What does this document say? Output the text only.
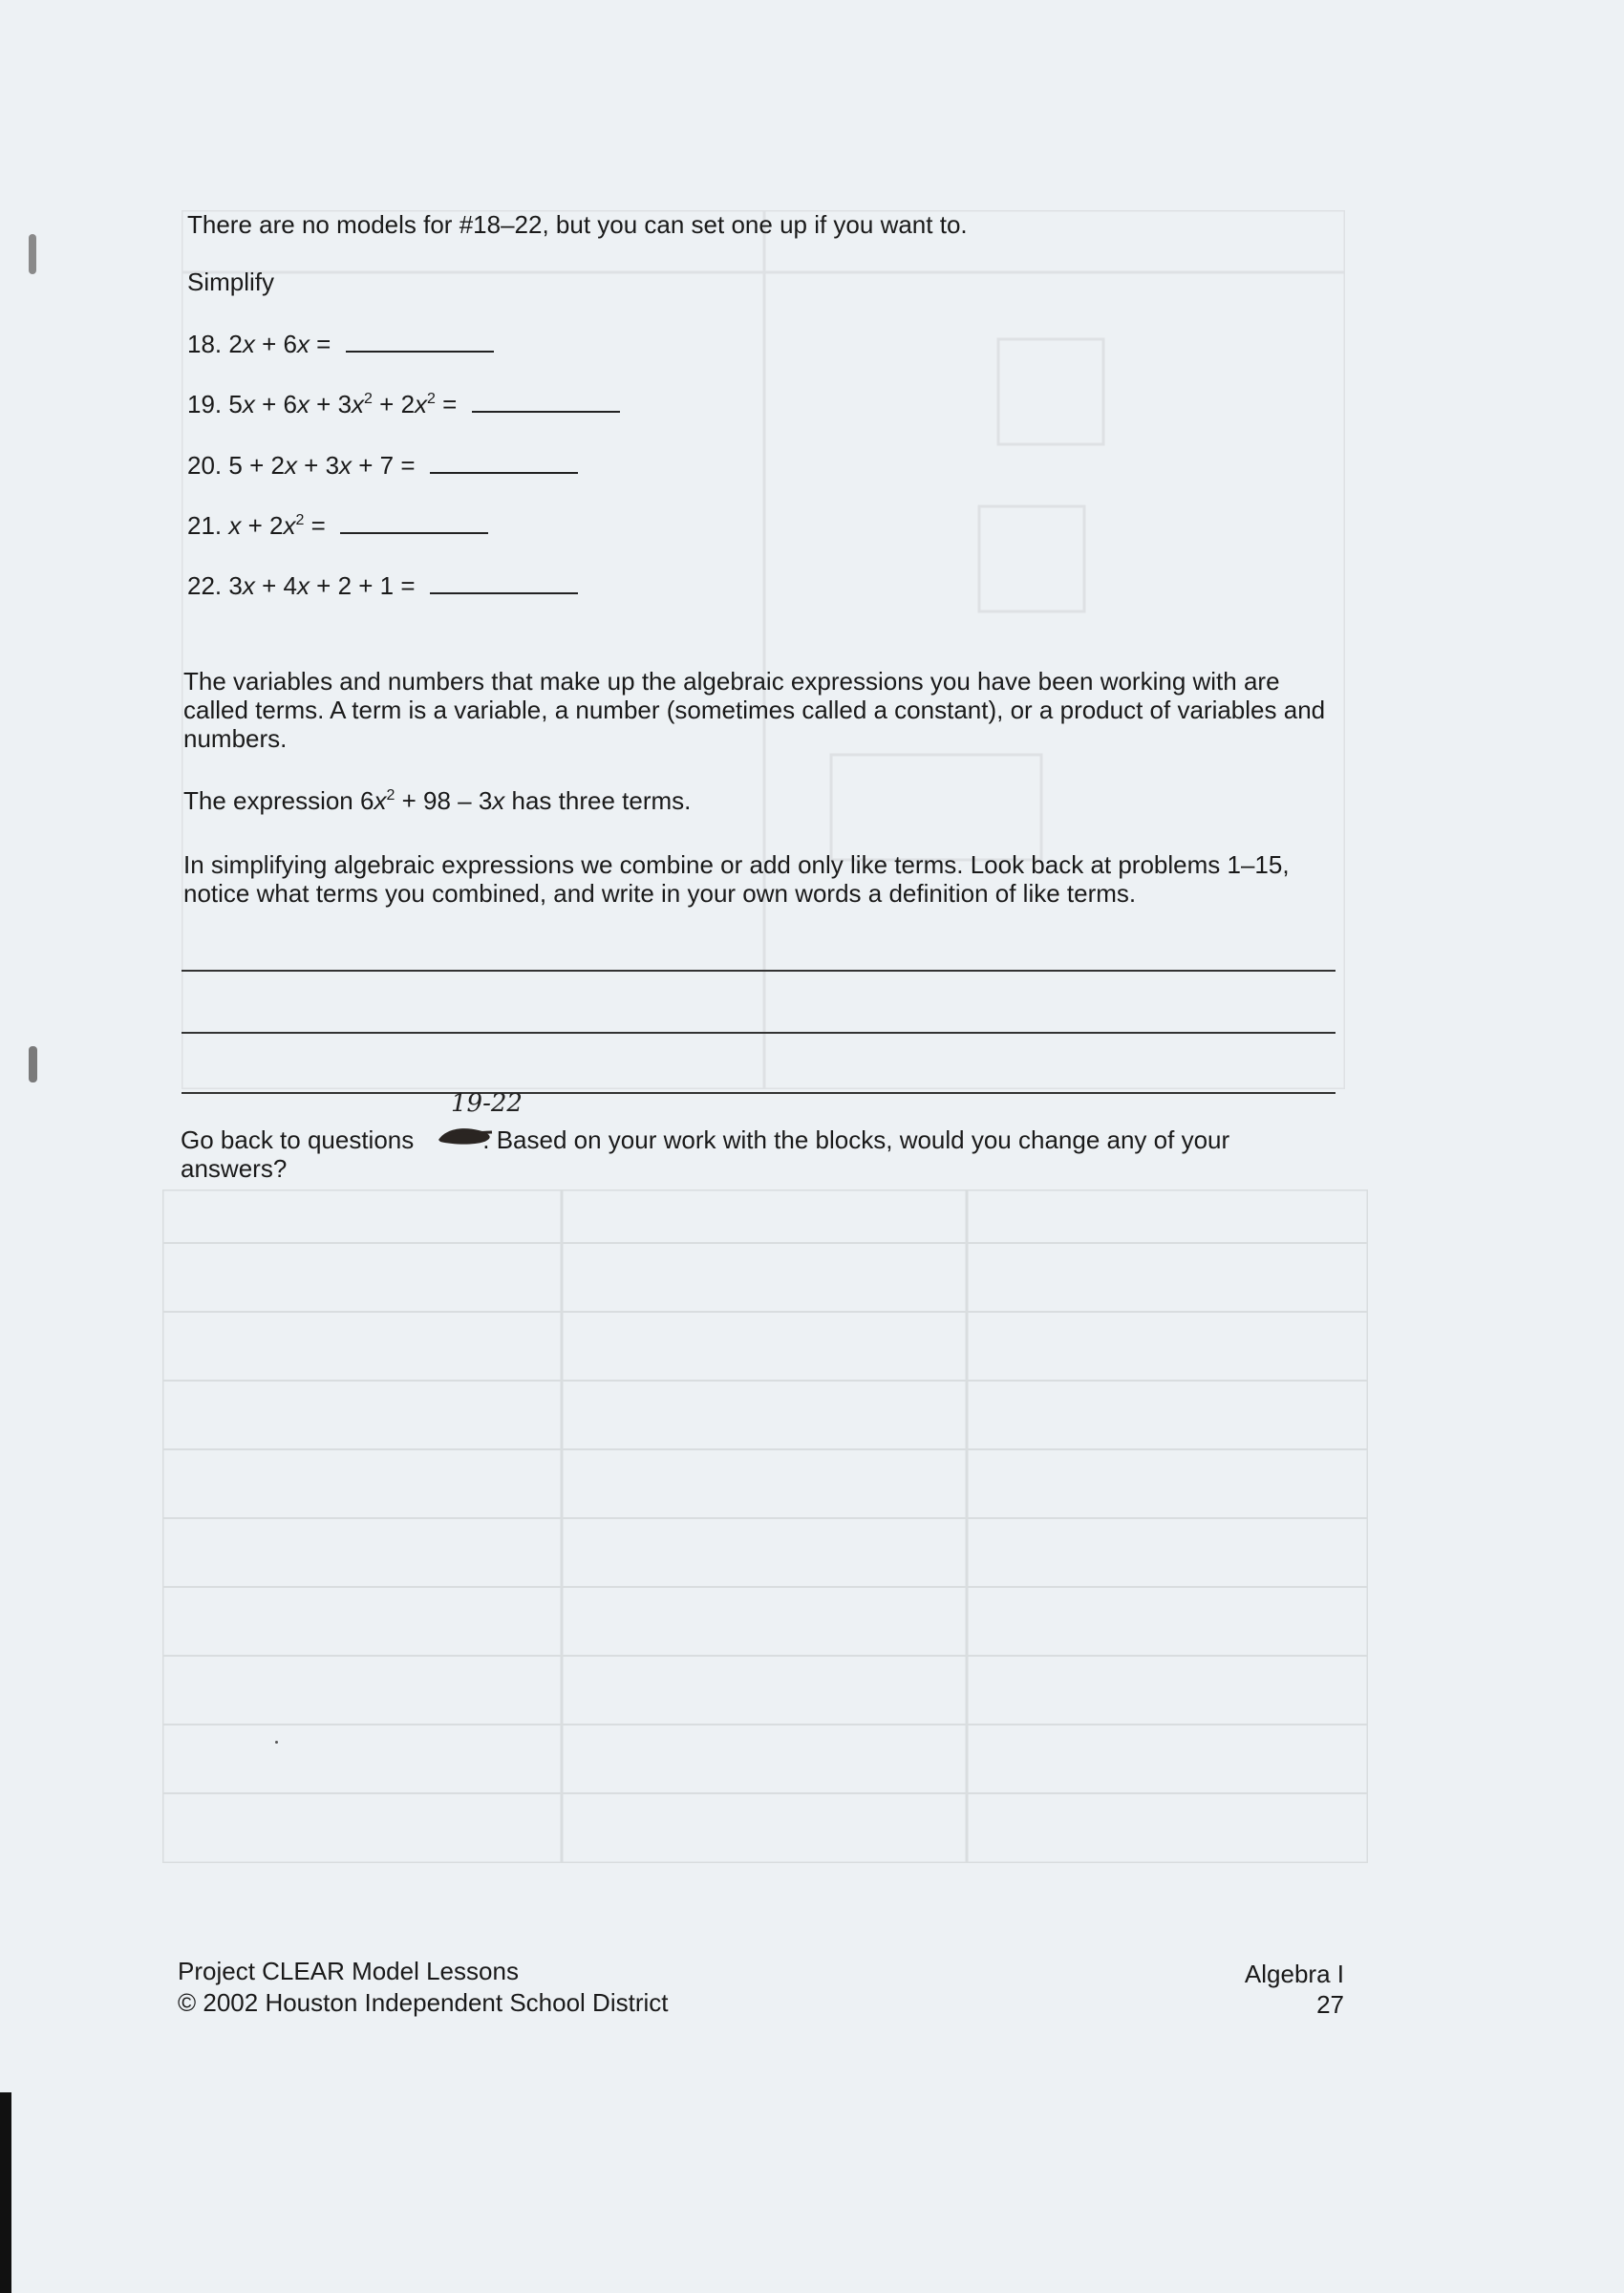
There are no models for #18–22, but you can set one up if you want to.
Simplify
18. 2x + 6x =
19. $5x + 6x + 3x^2 + 2x^2$ =
20. 5 + 2x + 3x + 7 =
21. $x + 2x^2$ =
22. 3x + 4x + 2 + 1 =
The variables and numbers that make up the algebraic expressions you have been working with are called terms. A term is a variable, a number (sometimes called a constant), or a product of variables and numbers.
The expression $6x^2 + 98 - 3x$ has three terms.
In simplifying algebraic expressions we combine or add only like terms. Look back at problems 1–15, notice what terms you combined, and write in your own words a definition of like terms.
19-22
Go back to questions	. Based on your work with the blocks, would you change any of your answers?
Project CLEAR Model Lessons
© 2002 Houston Independent School District
Algebra I
27
